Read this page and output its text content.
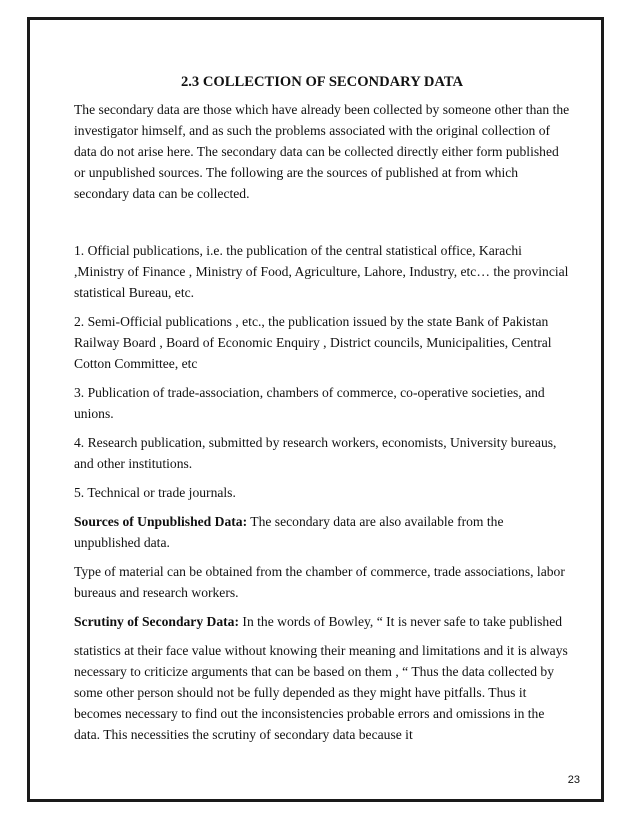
2.3 COLLECTION OF SECONDARY DATA

The secondary data are those which have already been collected by someone other than the investigator himself, and as such the problems associated with the original collection of data do not arise here. The secondary data can be collected directly either form published or unpublished sources. The following are the sources of published at from which secondary data can be collected.

1. Official publications, i.e. the publication of the central statistical office, Karachi ,Ministry of Finance , Ministry of Food, Agriculture, Lahore, Industry, etc… the provincial statistical Bureau, etc.

2. Semi-Official publications , etc., the publication issued by the state Bank of Pakistan Railway Board , Board of Economic Enquiry , District councils, Municipalities, Central Cotton Committee, etc

3. Publication of trade-association, chambers of commerce, co-operative societies, and unions.

4. Research publication, submitted by research workers, economists, University bureaus, and other institutions.

5. Technical or trade journals.

Sources of Unpublished Data: The secondary data are also available from the unpublished data.

Type of material can be obtained from the chamber of commerce, trade associations, labor bureaus and research workers.

Scrutiny of Secondary Data: In the words of Bowley, “ It is never safe to take published

statistics at their face value without knowing their meaning and limitations and it is always necessary to criticize arguments that can be based on them , “ Thus the data collected by some other person should not be fully depended as they might have pitfalls. Thus it becomes necessary to find out the inconsistencies probable errors and omissions in the data. This necessities the scrutiny of secondary data because it

23
